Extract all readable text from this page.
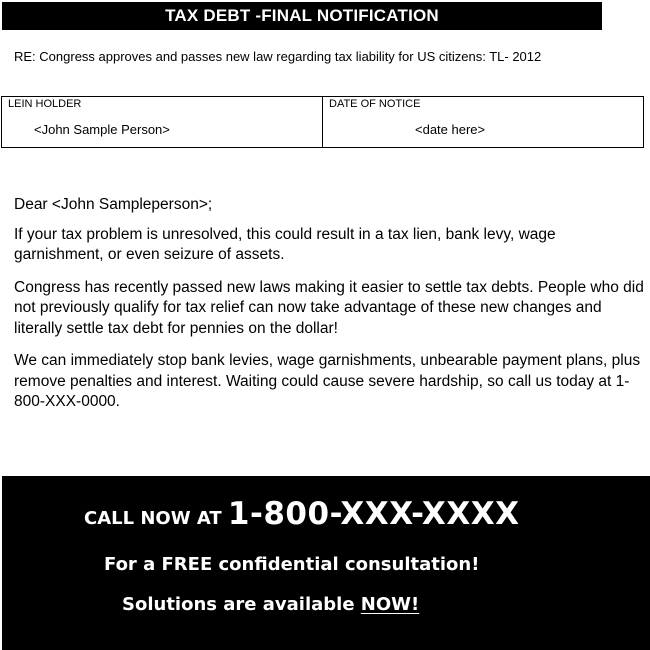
TAX DEBT -FINAL NOTIFICATION
RE: Congress approves and passes new law regarding tax liability for US citizens: TL- 2012
LEIN HOLDER
<John Sample Person>
DATE OF NOTICE
<date here>

Dear <John Sampleperson>;

If your tax problem is unresolved, this could result in a tax lien, bank levy, wage garnishment, or even seizure of assets.

Congress has recently passed new laws making it easier to settle tax debts. People who did not previously qualify for tax relief can now take advantage of these new changes and literally settle tax debt for pennies on the dollar!

We can immediately stop bank levies, wage garnishments, unbearable payment plans, plus remove penalties and interest. Waiting could cause severe hardship, so call us today at 1-800-XXX-0000.

CALL NOW AT 1-800-XXX-XXXX
For a FREE confidential consultation!
Solutions are available NOW!
